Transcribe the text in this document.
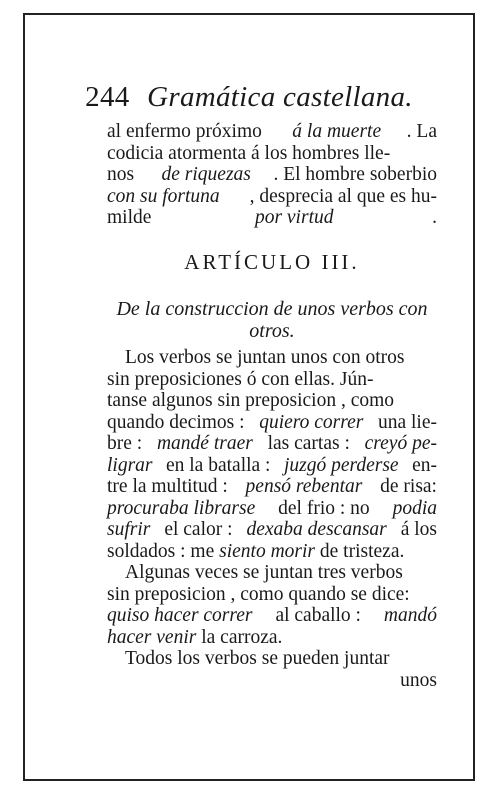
244 Gramática castellana.
al enfermo próximo á la muerte . La
codicia atormenta á los hombres lle-
nos de riquezas . El hombre soberbio
con su fortuna , desprecia al que es hu-
milde	por virtud	.
ARTÍCULO III.
De la construccion de unos verbos con otros.
Los verbos se juntan unos con otros
sin preposiciones ó con ellas. Jún-
tanse algunos sin preposicion , como
quando decimos : quiero correr una lie-
bre : mandé traer las cartas : creyó pe-
ligrar en la batalla : juzgó perderse en-
tre la multitud : pensó rebentar de risa:
procuraba librarse del frio : no podia
sufrir el calor : dexaba descansar á los
soldados : me siento morir de tristeza.
Algunas veces se juntan tres verbos
sin preposicion , como quando se dice:
quiso hacer correr al caballo : mandó
hacer venir la carroza.
Todos los verbos se pueden juntar
unos
